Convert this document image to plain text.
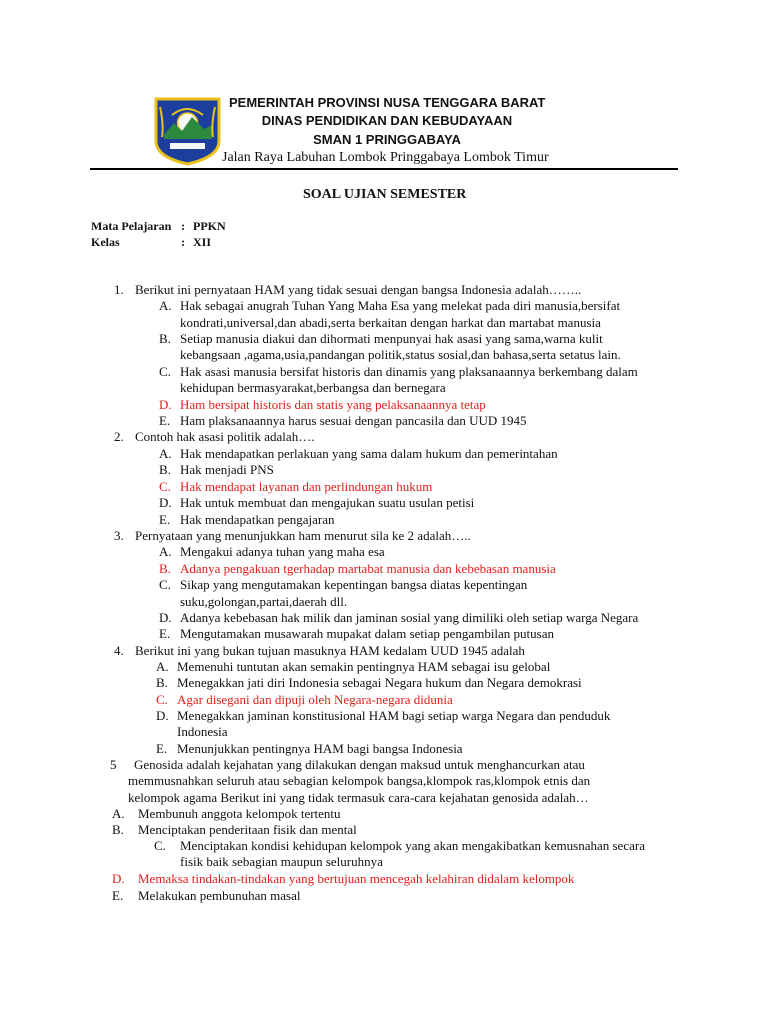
PEMERINTAH PROVINSI NUSA TENGGARA BARAT
DINAS PENDIDIKAN DAN KEBUDAYAAN
SMAN 1 PRINGGABAYA
Jalan Raya Labuhan Lombok Pringgabaya Lombok Timur
SOAL UJIAN SEMESTER
Mata Pelajaran : PPKN
Kelas	: XII
1. Berikut ini pernyataan HAM yang tidak sesuai dengan bangsa Indonesia adalah……..
A. Hak sebagai anugrah Tuhan Yang Maha Esa yang melekat pada diri manusia,bersifat
kondrati,universal,dan abadi,serta berkaitan dengan harkat dan martabat manusia
B. Setiap manusia diakui dan dihormati menpunyai hak asasi yang sama,warna kulit
kebangsaan ,agama,usia,pandangan politik,status sosial,dan bahasa,serta setatus lain.
C. Hak asasi manusia bersifat historis dan dinamis yang plaksanaannya berkembang dalam
kehidupan bermasyarakat,berbangsa dan bernegara
D. Ham bersipat historis dan statis yang pelaksanaannya tetap
E. Ham plaksanaannya harus sesuai dengan pancasila dan UUD 1945
2. Contoh hak asasi politik adalah….
A. Hak mendapatkan perlakuan yang sama dalam hukum dan pemerintahan
B. Hak menjadi PNS
C. Hak mendapat layanan dan perlindungan hukum
D. Hak untuk membuat dan mengajukan suatu usulan petisi
E. Hak mendapatkan pengajaran
3. Pernyataan yang menunjukkan ham menurut sila ke 2 adalah…..
A. Mengakui adanya tuhan yang maha esa
B. Adanya pengakuan tgerhadap martabat manusia dan kebebasan manusia
C. Sikap yang mengutamakan kepentingan bangsa diatas kepentingan
suku,golongan,partai,daerah dll.
D. Adanya kebebasan hak milik dan jaminan sosial yang dimiliki oleh setiap warga Negara
E. Mengutamakan musawarah mupakat dalam setiap pengambilan putusan
4. Berikut ini yang bukan tujuan masuknya HAM kedalam UUD 1945 adalah
A. Memenuhi tuntutan akan semakin pentingnya HAM sebagai isu gelobal
B. Menegakkan jati diri Indonesia sebagai Negara hukum dan Negara demokrasi
C. Agar disegani dan dipuji oleh Negara-negara didunia
D. Menegakkan jaminan konstitusional HAM bagi setiap warga Negara dan penduduk
Indonesia
E. Menunjukkan pentingnya HAM bagi bangsa Indonesia
5 Genosida adalah kejahatan yang dilakukan dengan maksud untuk menghancurkan atau
memmusnahkan seluruh atau sebagian kelompok bangsa,klompok ras,klompok etnis dan
kelompok agama Berikut ini yang tidak termasuk cara-cara kejahatan genosida adalah…
A. Membunuh anggota kelompok tertentu
B. Menciptakan penderitaan fisik dan mental
C. Menciptakan kondisi kehidupan kelompok yang akan mengakibatkan kemusnahan secara
fisik baik sebagian maupun seluruhnya
D. Memaksa tindakan-tindakan yang bertujuan mencegah kelahiran didalam kelompok
E. Melakukan pembunuhan masal
